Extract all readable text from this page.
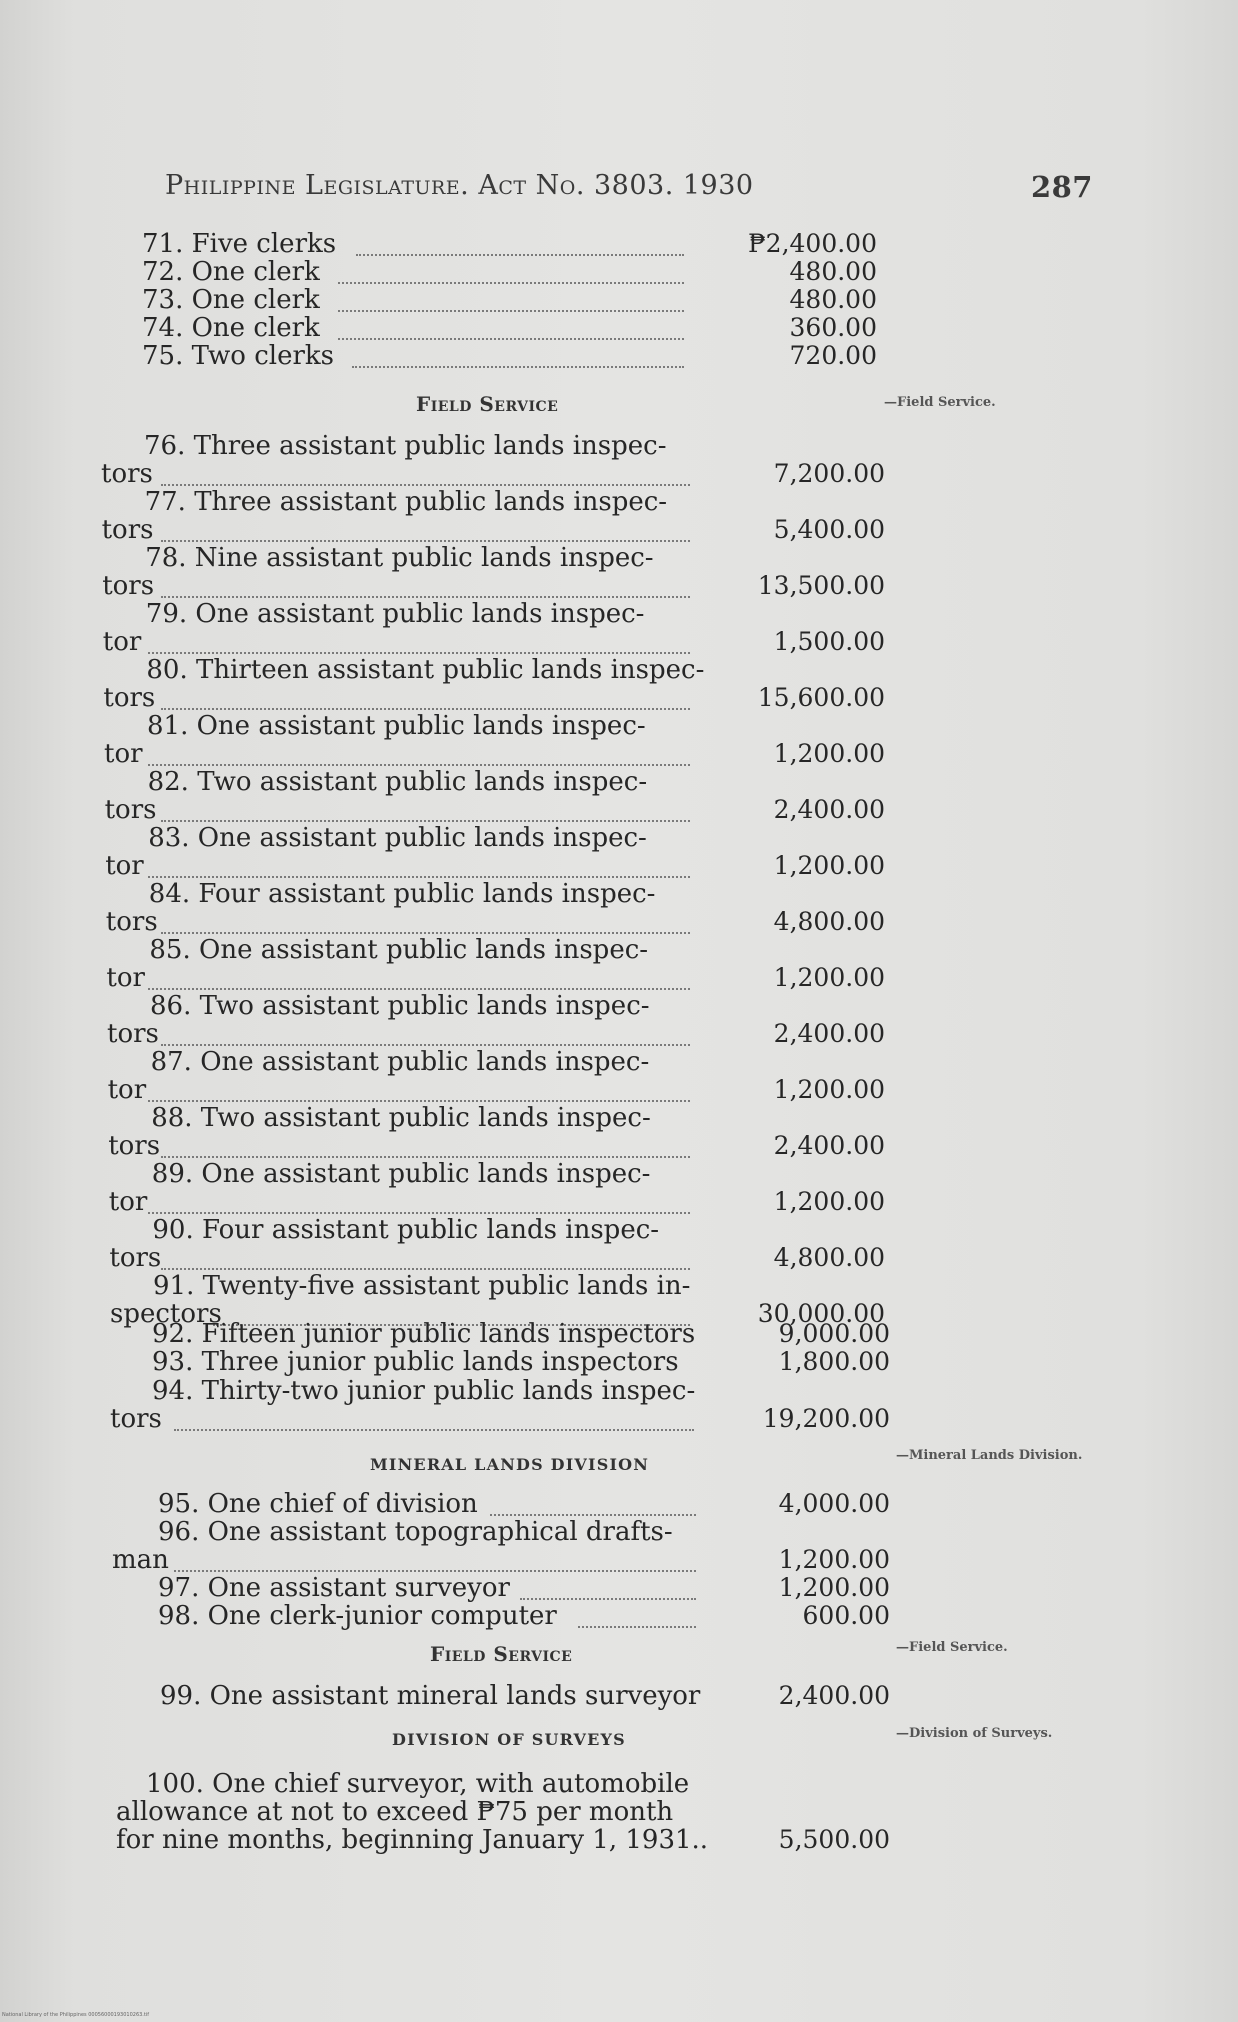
Philippine Legislature. Act No. 3803. 1930	287
71. Five clerks	₱2,400.00
72. One clerk	480.00
73. One clerk	480.00
74. One clerk	360.00
75. Two clerks	720.00
Field Service	—Field Service.
76. Three assistant public lands inspec-
tors	7,200.00
77. Three assistant public lands inspec-
tors	5,400.00
78. Nine assistant public lands inspec-
tors	13,500.00
79. One assistant public lands inspec-
tor	1,500.00
80. Thirteen assistant public lands inspec-
tors	15,600.00
81. One assistant public lands inspec-
tor	1,200.00
82. Two assistant public lands inspec-
tors	2,400.00
83. One assistant public lands inspec-
tor	1,200.00
84. Four assistant public lands inspec-
tors	4,800.00
85. One assistant public lands inspec-
tor	1,200.00
86. Two assistant public lands inspec-
tors	2,400.00
87. One assistant public lands inspec-
tor	1,200.00
88. Two assistant public lands inspec-
tors	2,400.00
89. One assistant public lands inspec-
tor	1,200.00
90. Four assistant public lands inspec-
tors	4,800.00
91. Twenty-five assistant public lands in-
spectors	30,000.00
92. Fifteen junior public lands inspectors	9,000.00
93. Three junior public lands inspectors	1,800.00
94. Thirty-two junior public lands inspec-
tors	19,200.00
MINERAL LANDS DIVISION	—Mineral Lands Division.
95. One chief of division	4,000.00
96. One assistant topographical drafts-
man	1,200.00
97. One assistant surveyor	1,200.00
98. One clerk-junior computer	600.00
Field Service	—Field Service.
99. One assistant mineral lands surveyor	2,400.00
DIVISION OF SURVEYS	—Division of Surveys.
100. One chief surveyor, with automobile
allowance at not to exceed ₱75 per month
for nine months, beginning January 1, 1931..	5,500.00
National Library of the Philippines 00056000193010263.tif
